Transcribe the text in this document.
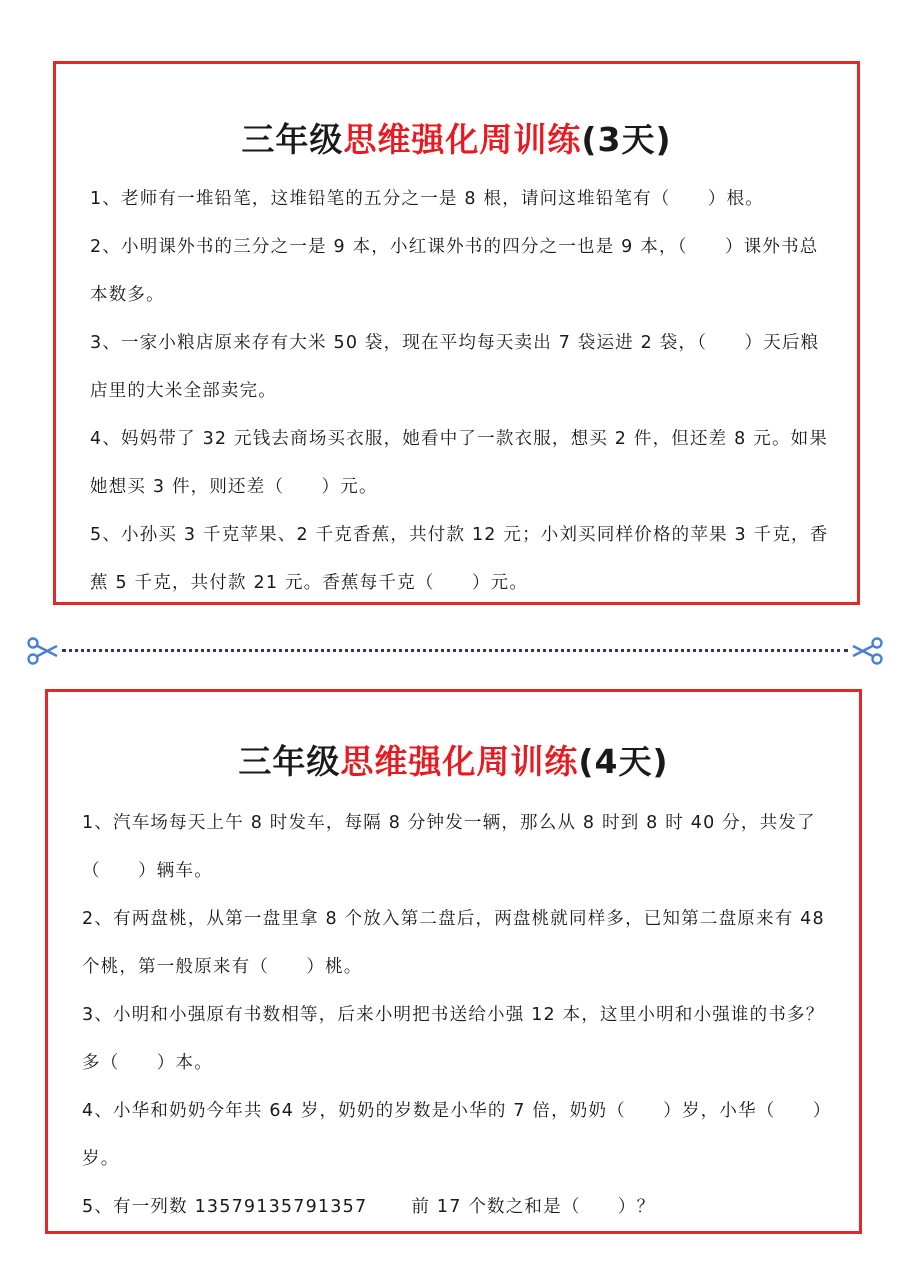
三年级思维强化周训练(3天)
1、老师有一堆铅笔，这堆铅笔的五分之一是 8 根，请问这堆铅笔有（　　）根。
2、小明课外书的三分之一是 9 本，小红课外书的四分之一也是 9 本，（　　）课外书总本数多。
3、一家小粮店原来存有大米 50 袋，现在平均每天卖出 7 袋运进 2 袋，（　　）天后粮店里的大米全部卖完。
4、妈妈带了 32 元钱去商场买衣服，她看中了一款衣服，想买 2 件，但还差 8 元。如果她想买 3 件，则还差（　　）元。
5、小孙买 3 千克苹果、2 千克香蕉，共付款 12 元；小刘买同样价格的苹果 3 千克，香蕉 5 千克，共付款 21 元。香蕉每千克（　　）元。
三年级思维强化周训练(4天)
1、汽车场每天上午 8 时发车，每隔 8 分钟发一辆，那么从 8 时到 8 时 40 分，共发了（　　）辆车。
2、有两盘桃，从第一盘里拿 8 个放入第二盘后，两盘桃就同样多，已知第二盘原来有 48 个桃，第一般原来有（　　）桃。
3、小明和小强原有书数相等，后来小明把书送给小强 12 本，这里小明和小强谁的书多？多（　　）本。
4、小华和奶奶今年共 64 岁，奶奶的岁数是小华的 7 倍，奶奶（　　）岁，小华（　　）岁。
5、有一列数 13579135791357　　 前 17 个数之和是（　　）？
